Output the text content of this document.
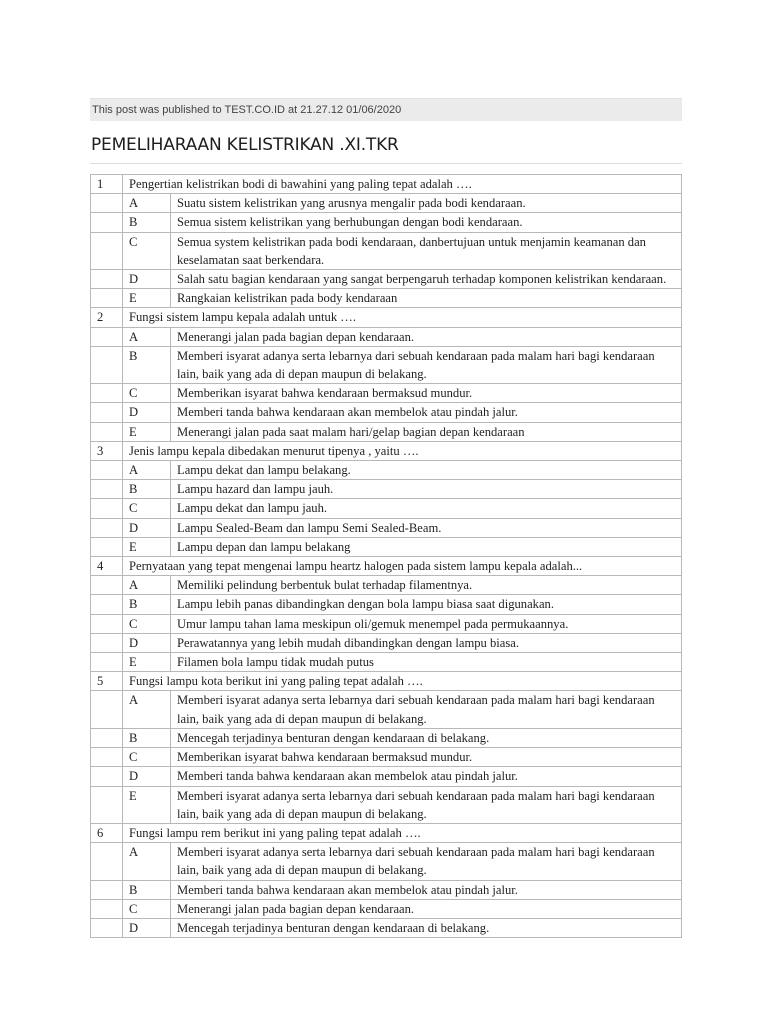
This post was published to TEST.CO.ID at 21.27.12 01/06/2020
PEMELIHARAAN KELISTRIKAN .XI.TKR
1	Pengertian kelistrikan bodi di bawahini yang paling tepat adalah ….	
	A	Suatu sistem kelistrikan yang arusnya mengalir pada bodi kendaraan.
	B	Semua sistem kelistrikan yang berhubungan dengan bodi kendaraan.
	C	Semua system kelistrikan pada bodi kendaraan, danbertujuan untuk menjamin keamanan dan keselamatan saat berkendara.
	D	Salah satu bagian kendaraan yang sangat berpengaruh terhadap komponen kelistrikan kendaraan.
	E	Rangkaian kelistrikan pada body kendaraan
2	Fungsi sistem lampu kepala adalah untuk ….	
	A	Menerangi jalan pada bagian depan kendaraan.
	B	Memberi isyarat adanya serta lebarnya dari sebuah kendaraan pada malam hari bagi kendaraan lain, baik yang ada di depan maupun di belakang.
	C	Memberikan isyarat bahwa kendaraan bermaksud mundur.
	D	Memberi tanda bahwa kendaraan akan membelok atau pindah jalur.
	E	Menerangi jalan pada saat malam hari/gelap bagian depan kendaraan
3	Jenis lampu kepala dibedakan menurut tipenya , yaitu ….	
	A	Lampu dekat dan lampu belakang.
	B	Lampu hazard dan lampu jauh.
	C	Lampu dekat dan lampu jauh.
	D	Lampu Sealed-Beam dan lampu Semi Sealed-Beam.
	E	Lampu depan dan lampu belakang
4	Pernyataan yang tepat mengenai lampu heartz halogen pada sistem lampu kepala adalah...	
	A	Memiliki pelindung berbentuk bulat terhadap filamentnya.
	B	Lampu lebih panas dibandingkan dengan bola lampu biasa saat digunakan.
	C	Umur lampu tahan lama meskipun oli/gemuk menempel pada permukaannya.
	D	Perawatannya yang lebih mudah dibandingkan dengan lampu biasa.
	E	Filamen bola lampu tidak mudah putus
5	Fungsi lampu kota berikut ini yang paling tepat adalah ….	
	A	Memberi isyarat adanya serta lebarnya dari sebuah kendaraan pada malam hari bagi kendaraan lain, baik yang ada di depan maupun di belakang.
	B	Mencegah terjadinya benturan dengan kendaraan di belakang.
	C	Memberikan isyarat bahwa kendaraan bermaksud mundur.
	D	Memberi tanda bahwa kendaraan akan membelok atau pindah jalur.
	E	Memberi isyarat adanya serta lebarnya dari sebuah kendaraan pada malam hari bagi kendaraan lain, baik yang ada di depan maupun di belakang.
6	Fungsi lampu rem berikut ini yang paling tepat adalah ….	
	A	Memberi isyarat adanya serta lebarnya dari sebuah kendaraan pada malam hari bagi kendaraan lain, baik yang ada di depan maupun di belakang.
	B	Memberi tanda bahwa kendaraan akan membelok atau pindah jalur.
	C	Menerangi jalan pada bagian depan kendaraan.
	D	Mencegah terjadinya benturan dengan kendaraan di belakang.
